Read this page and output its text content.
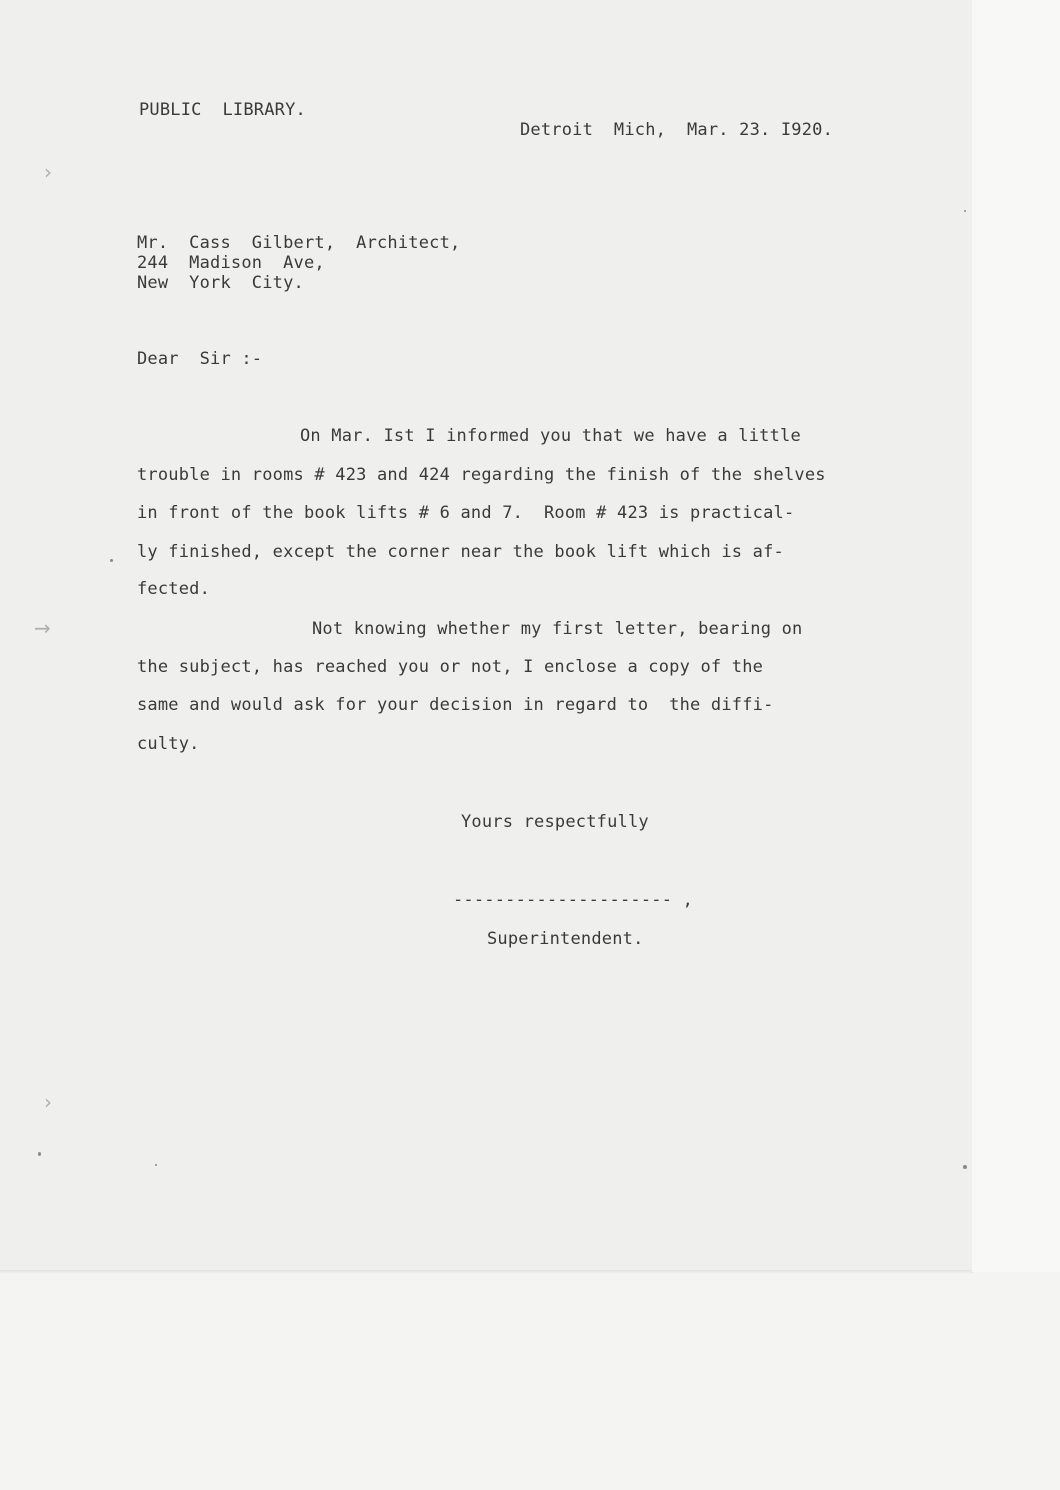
PUBLIC  LIBRARY.
Detroit  Mich,  Mar. 23. I920.
Mr.  Cass  Gilbert,  Architect,
244  Madison  Ave,
New  York  City.
Dear  Sir :-
On Mar. Ist I informed you that we have a little
trouble in rooms # 423 and 424 regarding the finish of the shelves
in front of the book lifts # 6 and 7.  Room # 423 is practical-
ly finished, except the corner near the book lift which is af-
fected.
Not knowing whether my first letter, bearing on
the subject, has reached you or not, I enclose a copy of the
same and would ask for your decision in regard to  the diffi-
culty.
Yours respectfully
--------------------- ,
Superintendent.
›
→
›
